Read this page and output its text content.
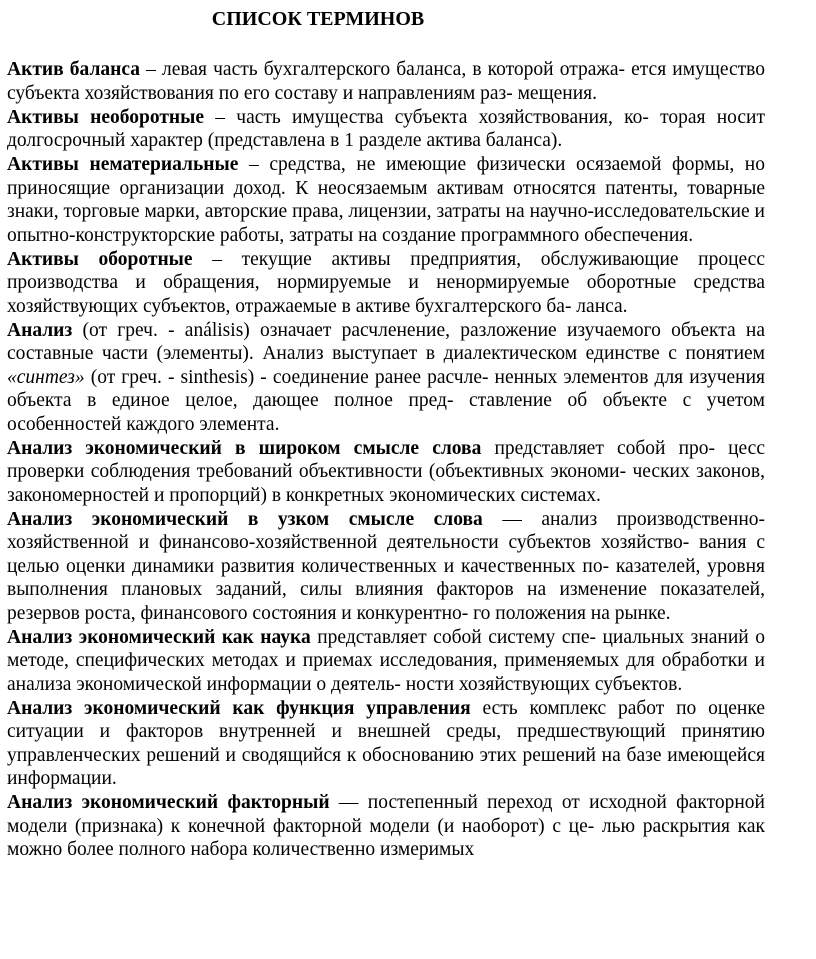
СПИСОК ТЕРМИНОВ

Актив баланса – левая часть бухгалтерского баланса, в которой отража- ется имущество субъекта хозяйствования по его составу и направлениям раз- мещения.

Активы необоротные – часть имущества субъекта хозяйствования, ко- торая носит долгосрочный характер (представлена в 1 разделе актива баланса).

Активы нематериальные – средства, не имеющие физически осязаемой формы, но приносящие организации доход. К неосязаемым активам относятся патенты, товарные знаки, торговые марки, авторские права, лицензии, затраты на научно-исследовательские и опытно-конструкторские работы, затраты на создание программного обеспечения.

Активы оборотные – текущие активы предприятия, обслуживающие процесс производства и обращения, нормируемые и ненормируемые оборотные средства хозяйствующих субъектов, отражаемые в активе бухгалтерского ба- ланса.

Анализ (от греч. - análisis) означает расчленение, разложение изучаемого объекта на составные части (элементы). Анализ выступает в диалектическом единстве с понятием «синтез» (от греч. - sinthesis) - соединение ранее расчле- ненных элементов для изучения объекта в единое целое, дающее полное пред- ставление об объекте с учетом особенностей каждого элемента.

Анализ экономический в широком смысле слова представляет собой про- цесс проверки соблюдения требований объективности (объективных экономи- ческих законов, закономерностей и пропорций) в конкретных экономических системах.

Анализ экономический в узком смысле слова — анализ производственно-хозяйственной и финансово-хозяйственной деятельности субъектов хозяйство- вания с целью оценки динамики развития количественных и качественных по- казателей, уровня выполнения плановых заданий, силы влияния факторов на изменение показателей, резервов роста, финансового состояния и конкурентно- го положения на рынке.

Анализ экономический как наука представляет собой систему спе- циальных знаний о методе, специфических методах и приемах исследования, применяемых для обработки и анализа экономической информации о деятель- ности хозяйствующих субъектов.

Анализ экономический как функция управления есть комплекс работ по оценке ситуации и факторов внутренней и внешней среды, предшествующий принятию управленческих решений и сводящийся к обоснованию этих решений на базе имеющейся информации.

Анализ экономический факторный — постепенный переход от исходной факторной модели (признака) к конечной факторной модели (и наоборот) с це- лью раскрытия как можно более полного набора количественно измеримых
